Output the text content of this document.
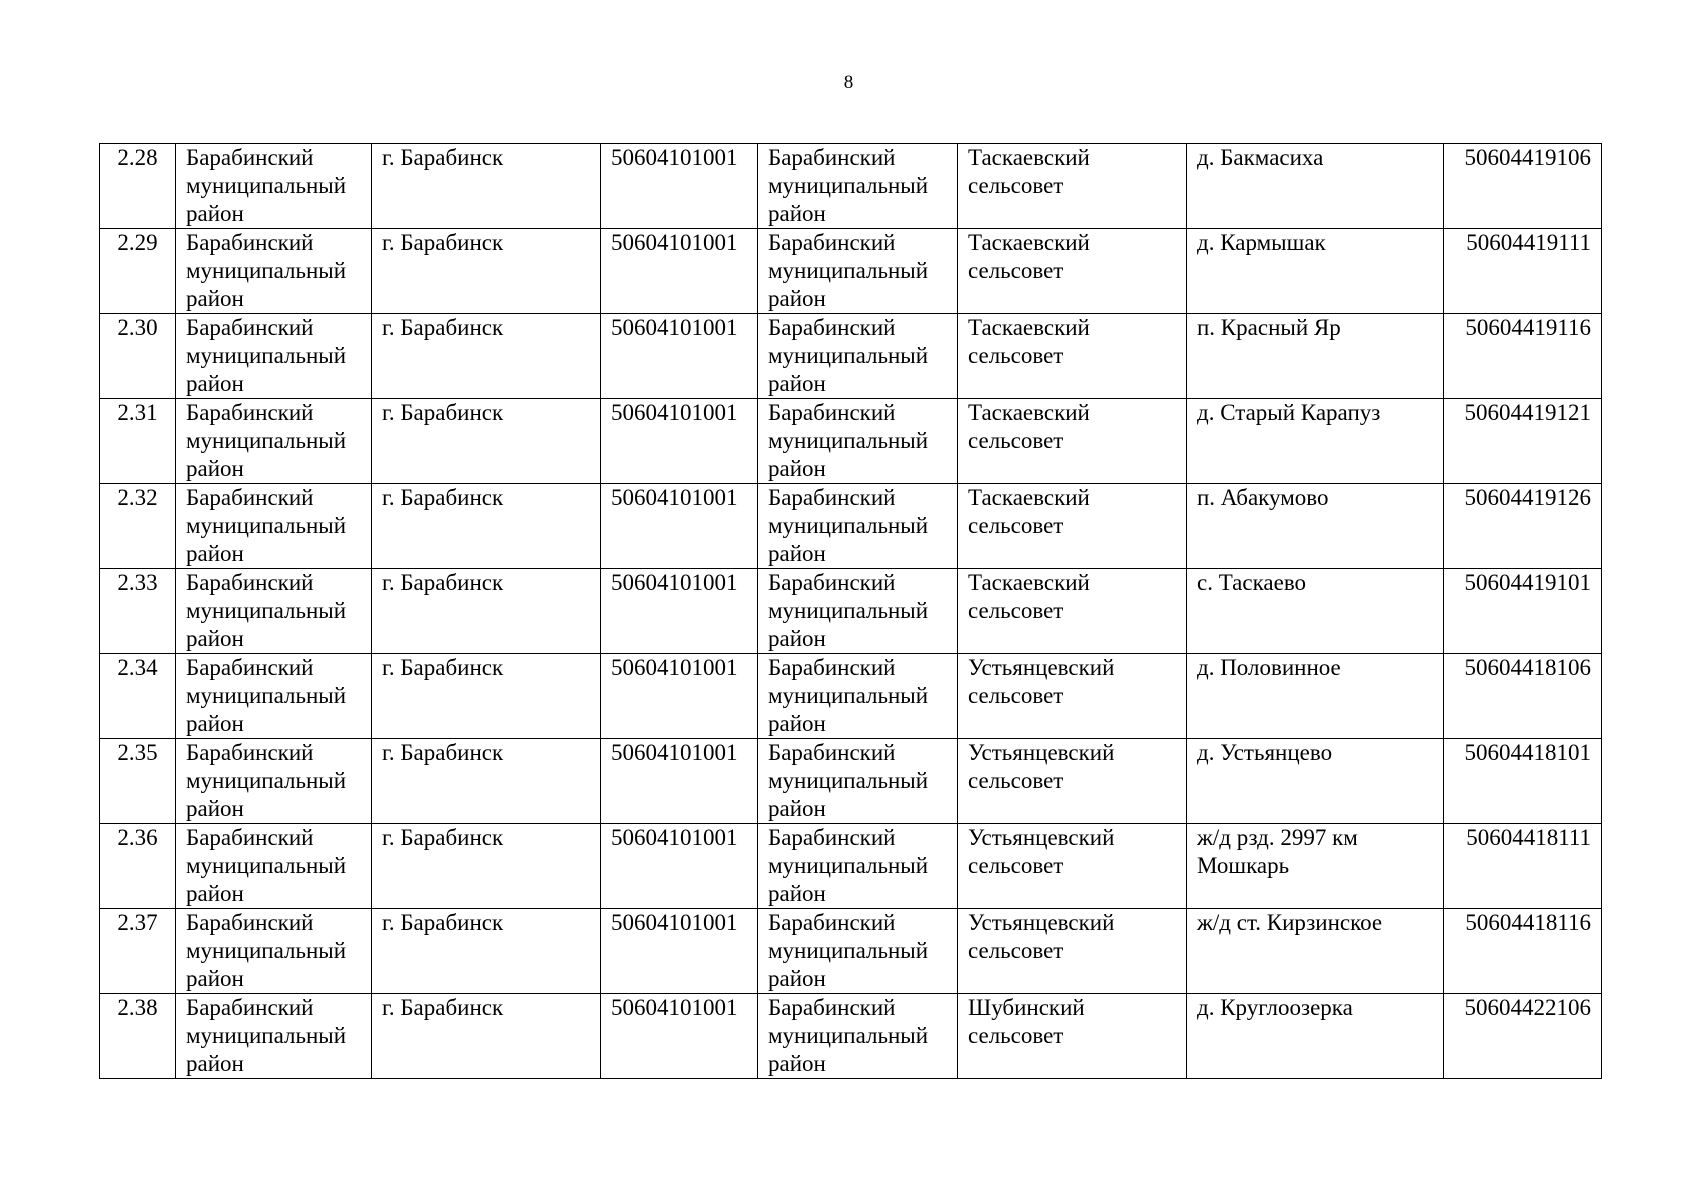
8
2.28	Барабинский муниципальный район	г. Барабинск	50604101001	Барабинский муниципальный район	Таскаевский сельсовет	д. Бакмасиха	50604419106

2.29	Барабинский муниципальный район	г. Барабинск	50604101001	Барабинский муниципальный район	Таскаевский сельсовет	д. Кармышак	50604419111

2.30	Барабинский муниципальный район	г. Барабинск	50604101001	Барабинский муниципальный район	Таскаевский сельсовет	п. Красный Яр	50604419116

2.31	Барабинский муниципальный район	г. Барабинск	50604101001	Барабинский муниципальный район	Таскаевский сельсовет	д. Старый Карапуз	50604419121

2.32	Барабинский муниципальный район	г. Барабинск	50604101001	Барабинский муниципальный район	Таскаевский сельсовет	п. Абакумово	50604419126

2.33	Барабинский муниципальный район	г. Барабинск	50604101001	Барабинский муниципальный район	Таскаевский сельсовет	с. Таскаево	50604419101

2.34	Барабинский муниципальный район	г. Барабинск	50604101001	Барабинский муниципальный район	Устьянцевский сельсовет	д. Половинное	50604418106

2.35	Барабинский муниципальный район	г. Барабинск	50604101001	Барабинский муниципальный район	Устьянцевский сельсовет	д. Устьянцево	50604418101

2.36	Барабинский муниципальный район	г. Барабинск	50604101001	Барабинский муниципальный район	Устьянцевский сельсовет	ж/д рзд. 2997 км Мошкарь	50604418111

2.37	Барабинский муниципальный район	г. Барабинск	50604101001	Барабинский муниципальный район	Устьянцевский сельсовет	ж/д ст. Кирзинское	50604418116

2.38	Барабинский муниципальный район	г. Барабинск	50604101001	Барабинский муниципальный район	Шубинский сельсовет	д. Круглоозерка	50604422106
